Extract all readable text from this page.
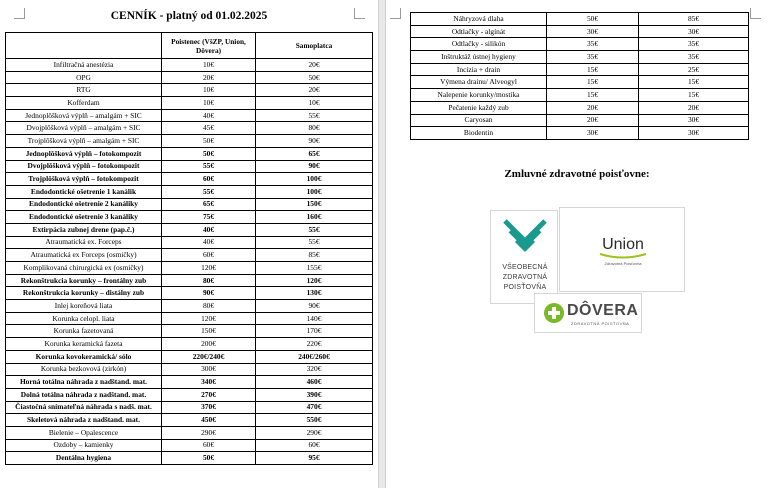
CENNÍK - platný od 01.02.2025
	Poistenec (VšZP, Union, Dôvera)	Samoplatca
Infiltračná anestézia	10€	20€
OPG	20€	50€
RTG	10€	20€
Kofferdam	10€	10€
Jednoplôšková výplň – amalgám + SIC	40€	55€
Dvojplôšková výplň – amalgám + SIC	45€	80€
Trojplôšková výplň – amalgám + SIC	50€	90€
Jednoplôšková výplň – fotokompozit	50€	65€
Dvojplôšková výplň – fotokompozit	55€	90€
Trojplôšková výplň – fotokompozit	60€	100€
Endodontické ošetrenie 1 kanálik	55€	100€
Endodontické ošetrenie 2 kanáliky	65€	150€
Endodontické ošetrenie 3 kanáliky	75€	160€
Extirpácia zubnej drene (pap.č.)	40€	55€
Atraumatická ex. Forceps	40€	55€
Atraumatická ex Forceps (osmičky)	60€	85€
Komplikovaná chirurgická ex (osmičky)	120€	155€
Rekonštrukcia korunky – frontálny zub	80€	120€
Rekonštrukcia korunky – distálny zub	90€	130€
Inlej koreňová liata	80€	90€
Korunka celopl. liata	120€	140€
Korunka fazetovaná	150€	170€
Korunka keramická fazeta	200€	220€
Korunka kovokeramická/ sólo	220€/240€	240€/260€
Korunka bezkovová (zirkón)	300€	320€
Horná totálna náhrada z nadštand. mat.	340€	460€
Dolná totálna náhrada z nadštand. mat.	270€	390€
Čiastočná snímateľná náhrada s nadš. mat.	370€	470€
Skeletová náhrada z nadštand. mat.	450€	550€
Bielenie – Opalescence	290€	290€
Ozdoby – kamienky	60€	60€
Dentálna hygiena	50€	95€
Náhryzová dlaha	50€	85€
Odtlačky - algínát	30€	30€
Odtlačky - silikón	35€	35€
Inštruktáž ústnej hygieny	35€	35€
Incízia + drain	15€	25€
Výmena drainu/ Alveogyl	15€	15€
Nalepenie korunky/mostíka	15€	15€
Pečatenie každý zub	20€	20€
Caryosan	20€	30€
Biodentin	30€	30€
Zmluvné zdravotné poisťovne:
VŠEOBECNÁ
ZDRAVOTNÁ
POISŤOVŇA
Union
Zdravotná Poisťovňa
DÔVERA
ZDRAVOTNÁ POISŤOVŇA
